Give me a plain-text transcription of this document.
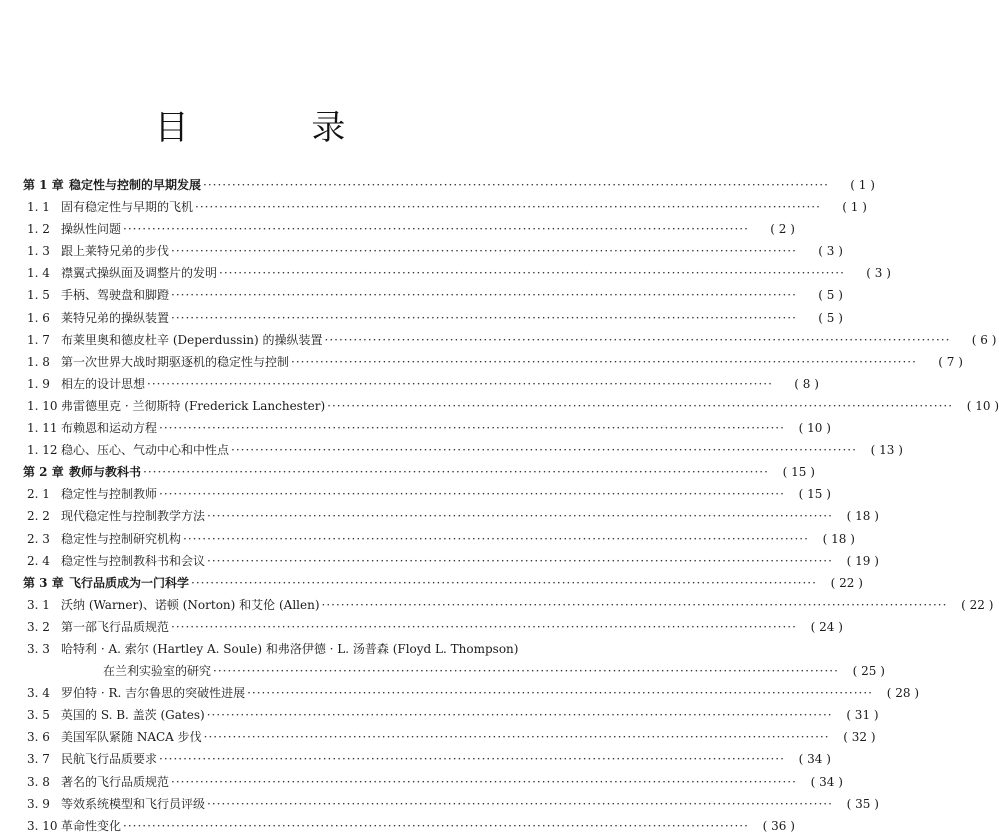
目 录
第 1 章 稳定性与控制的早期发展 ·····	( 1 )
1. 1 固有稳定性与早期的飞机 ·····	( 1 )
1. 2 操纵性问题 ·····	( 2 )
1. 3 跟上莱特兄弟的步伐 ·····	( 3 )
1. 4 襟翼式操纵面及调整片的发明 ·····	( 3 )
1. 5 手柄、驾驶盘和脚蹬 ·····	( 5 )
1. 6 莱特兄弟的操纵装置 ·····	( 5 )
1. 7 布莱里奥和德皮杜辛 (Deperdussin) 的操纵装置 ·····	( 6 )
1. 8 第一次世界大战时期驱逐机的稳定性与控制 ·····	( 7 )
1. 9 相左的设计思想 ·····	( 8 )
1. 10 弗雷德里克 · 兰彻斯特 (Frederick Lanchester) ·····	( 10 )
1. 11 布赖恩和运动方程 ·····	( 10 )
1. 12 稳心、压心、气动中心和中性点 ·····	( 13 )
第 2 章 教师与教科书 ·····	( 15 )
2. 1 稳定性与控制教师 ·····	( 15 )
2. 2 现代稳定性与控制教学方法 ·····	( 18 )
2. 3 稳定性与控制研究机构 ·····	( 18 )
2. 4 稳定性与控制教科书和会议 ·····	( 19 )
第 3 章 飞行品质成为一门科学 ·····	( 22 )
3. 1 沃纳 (Warner)、诺顿 (Norton) 和艾伦 (Allen) ·····	( 22 )
3. 2 第一部飞行品质规范 ·····	( 24 )
3. 3 哈特利 · A. 索尔 (Hartley A. Soule) 和弗洛伊德 · L. 汤普森 (Floyd L. Thompson)
在兰利实验室的研究 ·····	( 25 )
3. 4 罗伯特 · R. 吉尔鲁思的突破性进展 ·····	( 28 )
3. 5 英国的 S. B. 盖茨 (Gates) ·····	( 31 )
3. 6 美国军队紧随 NACA 步伐 ·····	( 32 )
3. 7 民航飞行品质要求 ·····	( 34 )
3. 8 著名的飞行品质规范 ·····	( 34 )
3. 9 等效系统模型和飞行员评级 ·····	( 35 )
3. 10 革命性变化 ·····	( 36 )
